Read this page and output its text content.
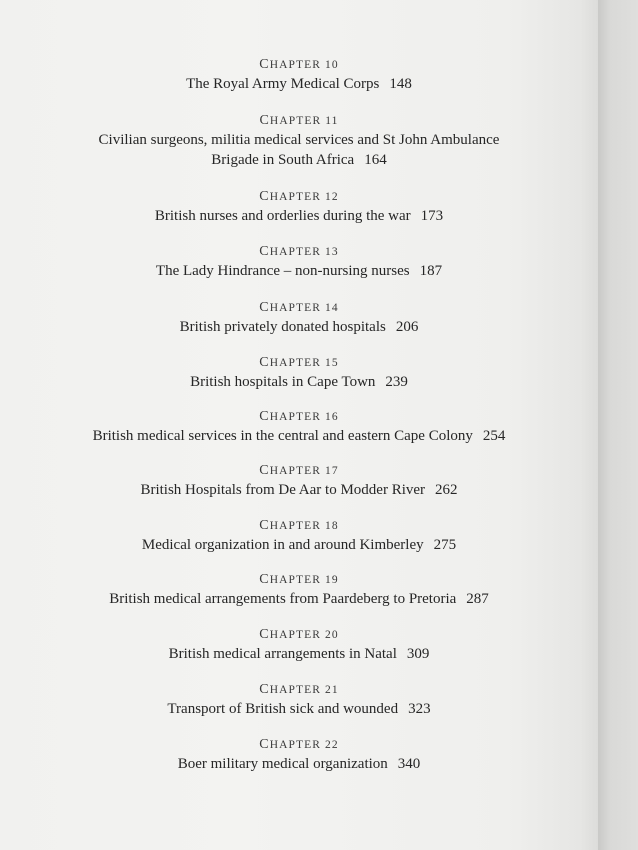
CHAPTER 10
The Royal Army Medical Corps 148
CHAPTER 11
Civilian surgeons, militia medical services and St John Ambulance
Brigade in South Africa 164
CHAPTER 12
British nurses and orderlies during the war 173
CHAPTER 13
The Lady Hindrance – non-nursing nurses 187
CHAPTER 14
British privately donated hospitals 206
CHAPTER 15
British hospitals in Cape Town 239
CHAPTER 16
British medical services in the central and eastern Cape Colony 254
CHAPTER 17
British Hospitals from De Aar to Modder River 262
CHAPTER 18
Medical organization in and around Kimberley 275
CHAPTER 19
British medical arrangements from Paardeberg to Pretoria 287
CHAPTER 20
British medical arrangements in Natal 309
CHAPTER 21
Transport of British sick and wounded 323
CHAPTER 22
Boer military medical organization 340
